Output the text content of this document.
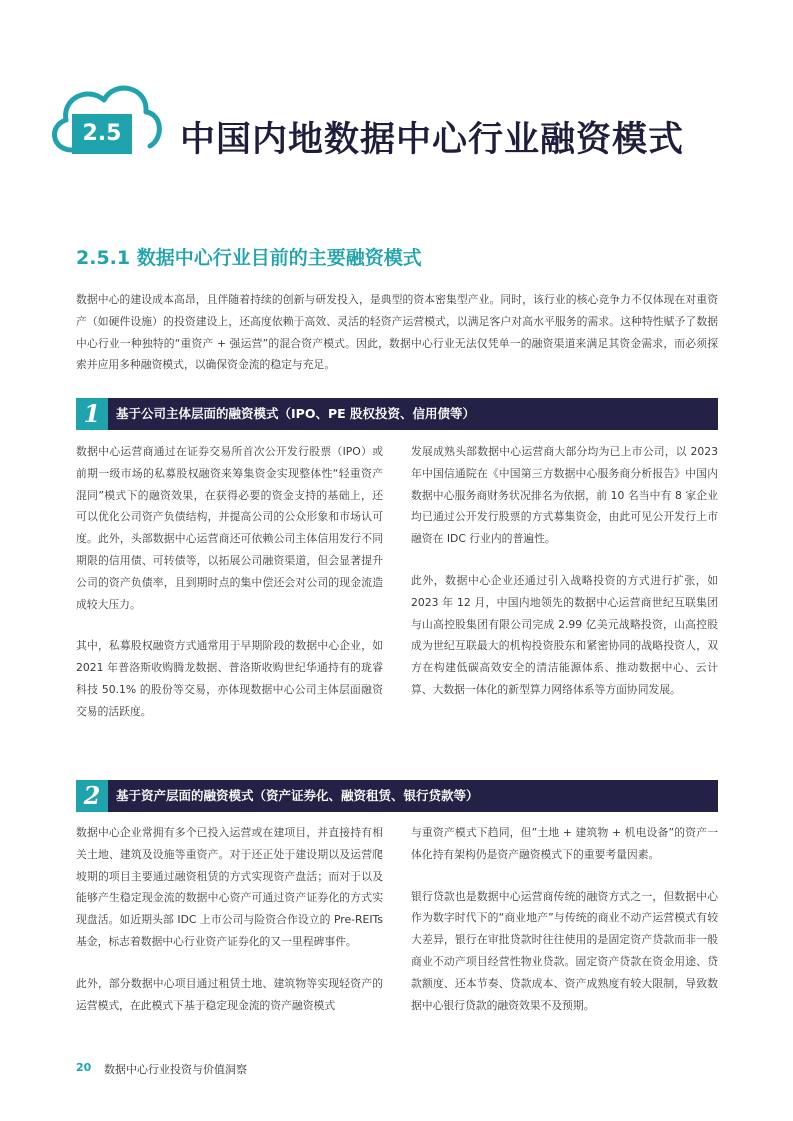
2.5	中国内地数据中心行业融资模式
2.5.1 数据中心行业目前的主要融资模式
数据中心的建设成本高昂，且伴随着持续的创新与研发投入，是典型的资本密集型产业。同时，该行业的核心竞争力不仅体现在对重资产（如硬件设施）的投资建设上，还高度依赖于高效、灵活的轻资产运营模式，以满足客户对高水平服务的需求。这种特性赋予了数据中心行业一种独特的“重资产 + 强运营”的混合资产模式。因此，数据中心行业无法仅凭单一的融资渠道来满足其资金需求，而必须探索并应用多种融资模式，以确保资金流的稳定与充足。
1	基于公司主体层面的融资模式（IPO、PE 股权投资、信用债等）

数据中心运营商通过在证券交易所首次公开发行股票（IPO）或前期一级市场的私募股权融资来筹集资金实现整体性“轻重资产混同”模式下的融资效果，在获得必要的资金支持的基础上，还可以优化公司资产负债结构，并提高公司的公众形象和市场认可度。此外，头部数据中心运营商还可依赖公司主体信用发行不同期限的信用债、可转债等，以拓展公司融资渠道，但会显著提升公司的资产负债率，且到期时点的集中偿还会对公司的现金流造成较大压力。

其中，私募股权融资方式通常用于早期阶段的数据中心企业，如 2021 年普洛斯收购腾龙数据、普洛斯收购世纪华通持有的珑睿科技 50.1% 的股份等交易，亦体现数据中心公司主体层面融资交易的活跃度。

发展成熟头部数据中心运营商大部分均为已上市公司，以 2023 年中国信通院在《中国第三方数据中心服务商分析报告》中国内数据中心服务商财务状况排名为依据，前 10 名当中有 8 家企业均已通过公开发行股票的方式募集资金，由此可见公开发行上市融资在 IDC 行业内的普遍性。

此外，数据中心企业还通过引入战略投资的方式进行扩张，如 2023 年 12 月，中国内地领先的数据中心运营商世纪互联集团与山高控股集团有限公司完成 2.99 亿美元战略投资，山高控股成为世纪互联最大的机构投资股东和紧密协同的战略投资人，双方在构建低碳高效安全的清洁能源体系、推动数据中心、云计算、大数据一体化的新型算力网络体系等方面协同发展。

2	基于资产层面的融资模式（资产证券化、融资租赁、银行贷款等）

数据中心企业常拥有多个已投入运营或在建项目，并直接持有相关土地、建筑及设施等重资产。对于还正处于建设期以及运营爬坡期的项目主要通过融资租赁的方式实现资产盘活；而对于以及能够产生稳定现金流的数据中心资产可通过资产证券化的方式实现盘活。如近期头部 IDC 上市公司与险资合作设立的 Pre-REITs 基金，标志着数据中心行业资产证券化的又一里程碑事件。

此外，部分数据中心项目通过租赁土地、建筑物等实现轻资产的运营模式，在此模式下基于稳定现金流的资产融资模式

与重资产模式下趋同，但”土地 + 建筑物 + 机电设备”的资产一体化持有架构仍是资产融资模式下的重要考量因素。

银行贷款也是数据中心运营商传统的融资方式之一，但数据中心作为数字时代下的“商业地产”与传统的商业不动产运营模式有较大差异，银行在审批贷款时往往使用的是固定资产贷款而非一般商业不动产项目经营性物业贷款。固定资产贷款在资金用途、贷款额度、还本节奏、贷款成本、资产成熟度有较大限制，导致数据中心银行贷款的融资效果不及预期。

20 数据中心行业投资与价值洞察
